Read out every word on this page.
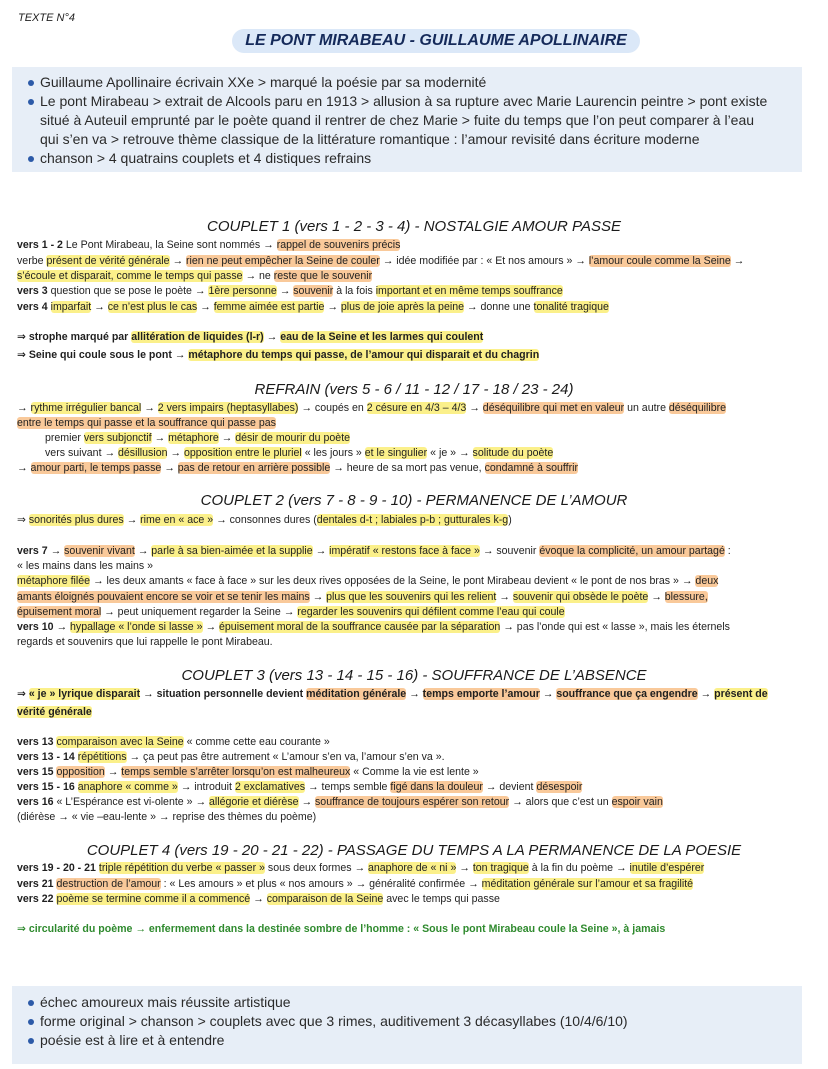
TEXTE N°4
LE PONT MIRABEAU - GUILLAUME APOLLINAIRE
Guillaume Apollinaire écrivain XXe > marqué la poésie par sa modernité
Le pont Mirabeau > extrait de Alcools paru en 1913 > allusion à sa rupture avec Marie Laurencin peintre > pont existe
situé à Auteuil emprunté par le poète quand il rentrer de chez Marie > fuite du temps que l’on peut comparer à l’eau
qui s’en va > retrouve thème classique de la littérature romantique : l’amour revisité dans écriture moderne
chanson > 4 quatrains couplets et 4 distiques refrains
COUPLET 1 (vers 1 - 2 - 3 - 4) - NOSTALGIE AMOUR PASSE
vers 1 - 2 Le Pont Mirabeau, la Seine sont nommés → rappel de souvenirs précis
verbe présent de vérité générale → rien ne peut empêcher la Seine de couler → idée modifiée par : « Et nos amours » → l’amour coule comme la Seine →
s’écoule et disparait, comme le temps qui passe → ne reste que le souvenir
vers 3 question que se pose le poète → 1ère personne → souvenir à la fois important et en même temps souffrance
vers 4 imparfait → ce n’est plus le cas → femme aimée est partie → plus de joie après la peine → donne une tonalité tragique
⇒ strophe marqué par allitération de liquides (l-r) → eau de la Seine et les larmes qui coulent
⇒ Seine qui coule sous le pont → métaphore du temps qui passe, de l’amour qui disparait et du chagrin
REFRAIN (vers 5 - 6 / 11 - 12 / 17 - 18 / 23 - 24)
→ rythme irrégulier bancal → 2 vers impairs (heptasyllabes) → coupés en 2 césure en 4/3 – 4/3 → déséquilibre qui met en valeur un autre déséquilibre
entre le temps qui passe et la souffrance qui passe pas
premier vers subjonctif → métaphore → désir de mourir du poète
vers suivant → désillusion → opposition entre le pluriel « les jours » et le singulier « je » → solitude du poète
→ amour parti, le temps passe → pas de retour en arrière possible → heure de sa mort pas venue, condamné à souffrir
COUPLET 2 (vers 7 - 8 - 9 - 10) - PERMANENCE DE L’AMOUR
⇒ sonorités plus dures → rime en « ace » → consonnes dures (dentales d-t ; labiales p-b ; gutturales k-g)
vers 7 → souvenir vivant → parle à sa bien-aimée et la supplie → impératif « restons face à face » → souvenir évoque la complicité, un amour partagé :
« les mains dans les mains »
métaphore filée → les deux amants « face à face » sur les deux rives opposées de la Seine, le pont Mirabeau devient « le pont de nos bras » → deux
amants éloignés pouvaient encore se voir et se tenir les mains → plus que les souvenirs qui les relient → souvenir qui obsède le poète → blessure,
épuisement moral → peut uniquement regarder la Seine → regarder les souvenirs qui défilent comme l’eau qui coule
vers 10 → hypallage « l’onde si lasse » → épuisement moral de la souffrance causée par la séparation → pas l’onde qui est « lasse », mais les éternels
regards et souvenirs que lui rappelle le pont Mirabeau.
COUPLET 3 (vers 13 - 14 - 15 - 16) - SOUFFRANCE DE L’ABSENCE
⇒ « je » lyrique disparait → situation personnelle devient méditation générale → temps emporte l’amour → souffrance que ça engendre → présent de
vérité générale
vers 13 comparaison avec la Seine « comme cette eau courante »
vers 13 - 14 répétitions → ça peut pas être autrement « L’amour s’en va, l’amour s’en va ».
vers 15 opposition → temps semble s’arrêter lorsqu’on est malheureux « Comme la vie est lente »
vers 15 - 16 anaphore « comme » → introduit 2 exclamatives → temps semble figé dans la douleur → devient désespoir
vers 16 « L’Espérance est vi-olente » → allégorie et diérèse → souffrance de toujours espérer son retour → alors que c’est un espoir vain
(diérèse → « vie –eau-lente » → reprise des thèmes du poème)
COUPLET 4 (vers 19 - 20 - 21 - 22) - PASSAGE DU TEMPS A LA PERMANENCE DE LA POESIE
vers 19 - 20 - 21 triple répétition du verbe « passer » sous deux formes → anaphore de « ni » → ton tragique à la fin du poème → inutile d’espérer
vers 21 destruction de l’amour : « Les amours » et plus « nos amours » → généralité confirmée → méditation générale sur l’amour et sa fragilité
vers 22 poème se termine comme il a commencé → comparaison de la Seine avec le temps qui passe
⇒ circularité du poème → enfermement dans la destinée sombre de l’homme : « Sous le pont Mirabeau coule la Seine », à jamais
échec amoureux mais réussite artistique
forme original > chanson > couplets avec que 3 rimes, auditivement 3 décasyllabes (10/4/6/10)
poésie est à lire et à entendre
